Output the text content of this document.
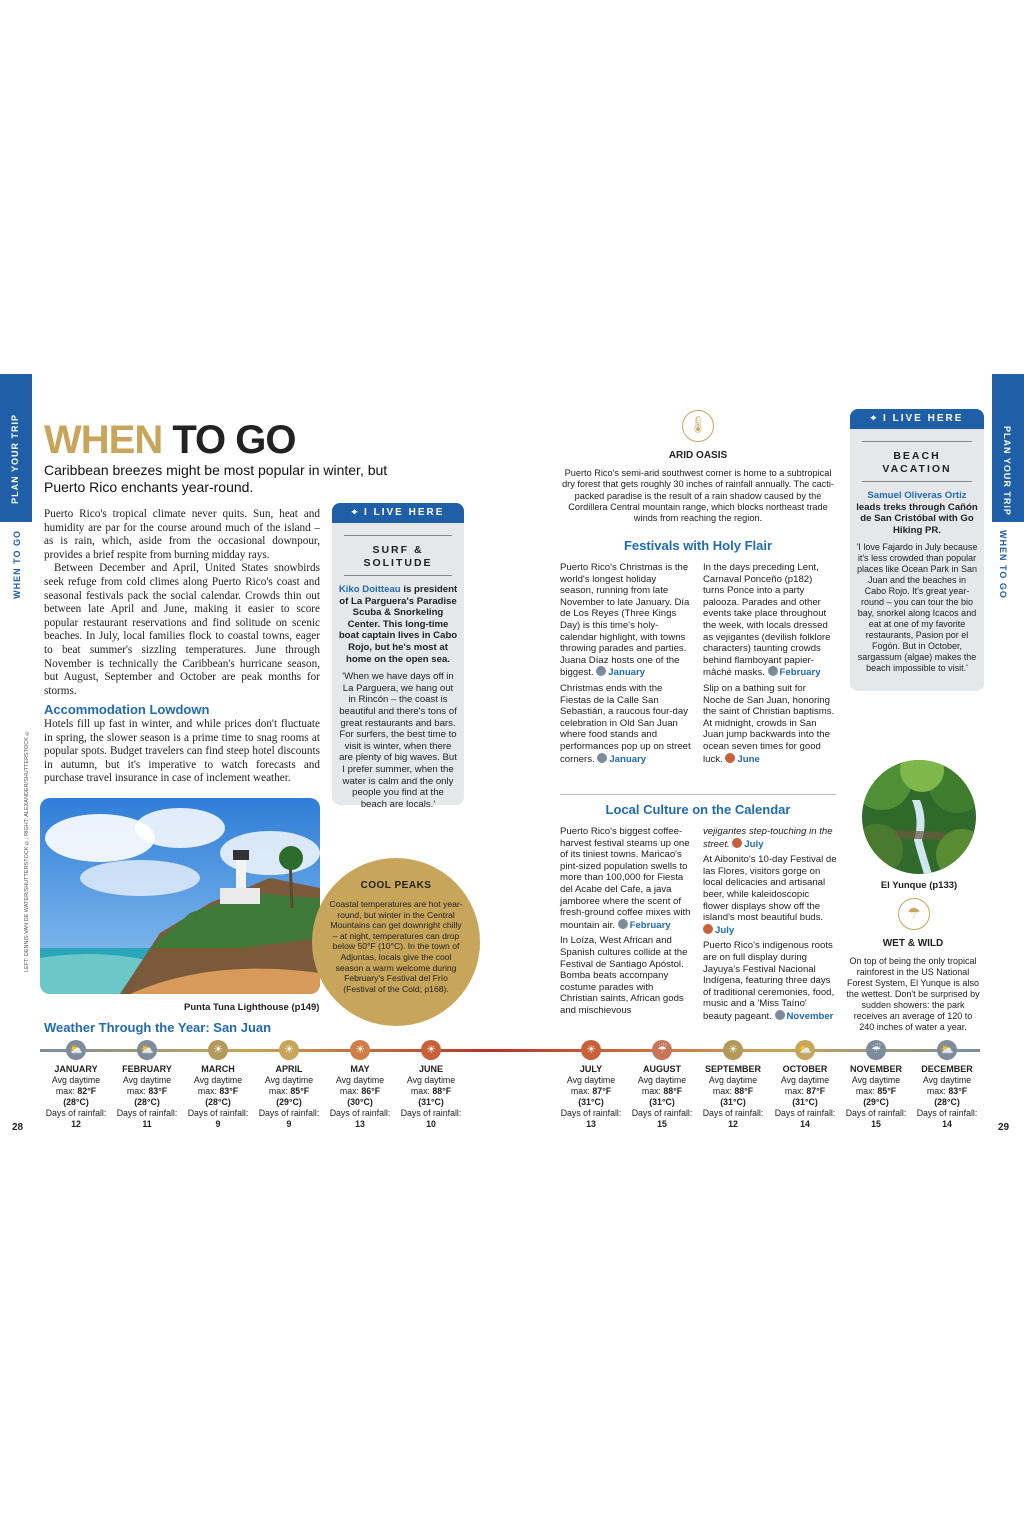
PLAN YOUR TRIP
WHEN TO GO
PLAN YOUR TRIP
WHEN TO GO
28	29
WHEN TO GO
Caribbean breezes might be most popular in winter, but Puerto Rico enchants year-round.

Puerto Rico's tropical climate never quits. Sun, heat and humidity are par for the course around much of the island – as is rain, which, aside from the occasional downpour, provides a brief respite from burning midday rays.

Between December and April, United States snowbirds seek refuge from cold climes along Puerto Rico's coast and seasonal festivals pack the social calendar. Crowds thin out between late April and June, making it easier to score popular restaurant reservations and find solitude on scenic beaches. In July, local families flock to coastal towns, eager to beat summer's sizzling temperatures. June through November is technically the Caribbean's hurricane season, but August, September and October are peak months for storms.

Accommodation Lowdown
Hotels fill up fast in winter, and while prices don't fluctuate in spring, the slower season is a prime time to snag rooms at popular spots. Budget travelers can find steep hotel discounts in autumn, but it's imperative to watch forecasts and purchase travel insurance in case of inclement weather.
⌖ I LIVE HERE
SURF &
SOLITUDE
Kiko Doitteau is president of La Parguera's Paradise Scuba & Snorkeling Center. This long-time boat captain lives in Cabo Rojo, but he's most at home on the open sea.
'When we have days off in La Parguera, we hang out in Rincón – the coast is beautiful and there's tons of great restaurants and bars. For surfers, the best time to visit is winter, when there are plenty of big waves. But I prefer summer, when the water is calm and the only people you find at the beach are locals.'
LEFT: DENNIS VAN DE WATER/SHUTTERSTOCK ©; RIGHT: ALEXANDER/SHUTTERSTOCK ©
Punta Tuna Lighthouse (p149)
COOL PEAKS
Coastal temperatures are hot year-round, but winter in the Central Mountains can get downright chilly – at night, temperatures can drop below 50°F (10°C). In the town of Adjuntas, locals give the cool season a warm welcome during February's Festival del Frío (Festival of the Cold; p168).
🌡
ARID OASIS
Puerto Rico's semi-arid southwest corner is home to a subtropical dry forest that gets roughly 30 inches of rainfall annually. The cacti-packed paradise is the result of a rain shadow caused by the Cordillera Central mountain range, which blocks northeast trade winds from reaching the region.
Festivals with Holy Flair
Puerto Rico's Christmas is the world's longest holiday season, running from late November to late January. Día de Los Reyes (Three Kings Day) is this time's holy-calendar highlight, with towns throwing parades and parties. Juana Díaz hosts one of the biggest. January
Christmas ends with the Fiestas de la Calle San Sebastián, a raucous four-day celebration in Old San Juan where food stands and performances pop up on street corners. January
In the days preceding Lent, Carnaval Ponceño (p182) turns Ponce into a party palooza. Parades and other events take place throughout the week, with locals dressed as vejigantes (devilish folklore characters) taunting crowds behind flamboyant papier-mâché masks. February
Slip on a bathing suit for Noche de San Juan, honoring the saint of Christian baptisms. At midnight, crowds in San Juan jump backwards into the ocean seven times for good luck. June
⌖ I LIVE HERE
BEACH
VACATION
Samuel Oliveras Ortiz leads treks through Cañón de San Cristóbal with Go Hiking PR.
'I love Fajardo in July because it's less crowded than popular places like Ocean Park in San Juan and the beaches in Cabo Rojo. It's great year-round – you can tour the bio bay, snorkel along Icacos and eat at one of my favorite restaurants, Pasion por el Fogón. But in October, sargassum (algae) makes the beach impossible to visit.'
Local Culture on the Calendar
Puerto Rico's biggest coffee-harvest festival steams up one of its tiniest towns. Maricao's pint-sized population swells to more than 100,000 for Fiesta del Acabe del Cafe, a java jamboree where the scent of fresh-ground coffee mixes with mountain air. February
In Loíza, West African and Spanish cultures collide at the Festival de Santiago Apóstol. Bomba beats accompany costume parades with Christian saints, African gods and mischievous
vejigantes step-touching in the street. July
At Aibonito's 10-day Festival de las Flores, visitors gorge on local delicacies and artisanal beer, while kaleidoscopic flower displays show off the island's most beautiful buds. July
Puerto Rico's indigenous roots are on full display during Jayuya's Festival Nacional Indígena, featuring three days of traditional ceremonies, food, music and a 'Miss Taíno' beauty pageant. November
El Yunque (p133)
☂
WET & WILD
On top of being the only tropical rainforest in the US National Forest System, El Yunque is also the wettest. Don't be surprised by sudden showers: the park receives an average of 120 to 240 inches of water a year.
Weather Through the Year: San Juan
⛅
JANUARY
Avg daytime
max: 82°F
(28°C)
Days of rainfall:
12
⛅
FEBRUARY
Avg daytime
max: 83°F
(28°C)
Days of rainfall:
11
☀
MARCH
Avg daytime
max: 83°F
(28°C)
Days of rainfall:
9
☀
APRIL
Avg daytime
max: 85°F
(29°C)
Days of rainfall:
9
☀
MAY
Avg daytime
max: 86°F
(30°C)
Days of rainfall:
13
☀
JUNE
Avg daytime
max: 88°F
(31°C)
Days of rainfall:
10
☀
JULY
Avg daytime
max: 87°F
(31°C)
Days of rainfall:
13
☔
AUGUST
Avg daytime
max: 88°F
(31°C)
Days of rainfall:
15
☀
SEPTEMBER
Avg daytime
max: 88°F
(31°C)
Days of rainfall:
12
⛅
OCTOBER
Avg daytime
max: 87°F
(31°C)
Days of rainfall:
14
☔
NOVEMBER
Avg daytime
max: 85°F
(29°C)
Days of rainfall:
15
⛅
DECEMBER
Avg daytime
max: 83°F
(28°C)
Days of rainfall:
14
